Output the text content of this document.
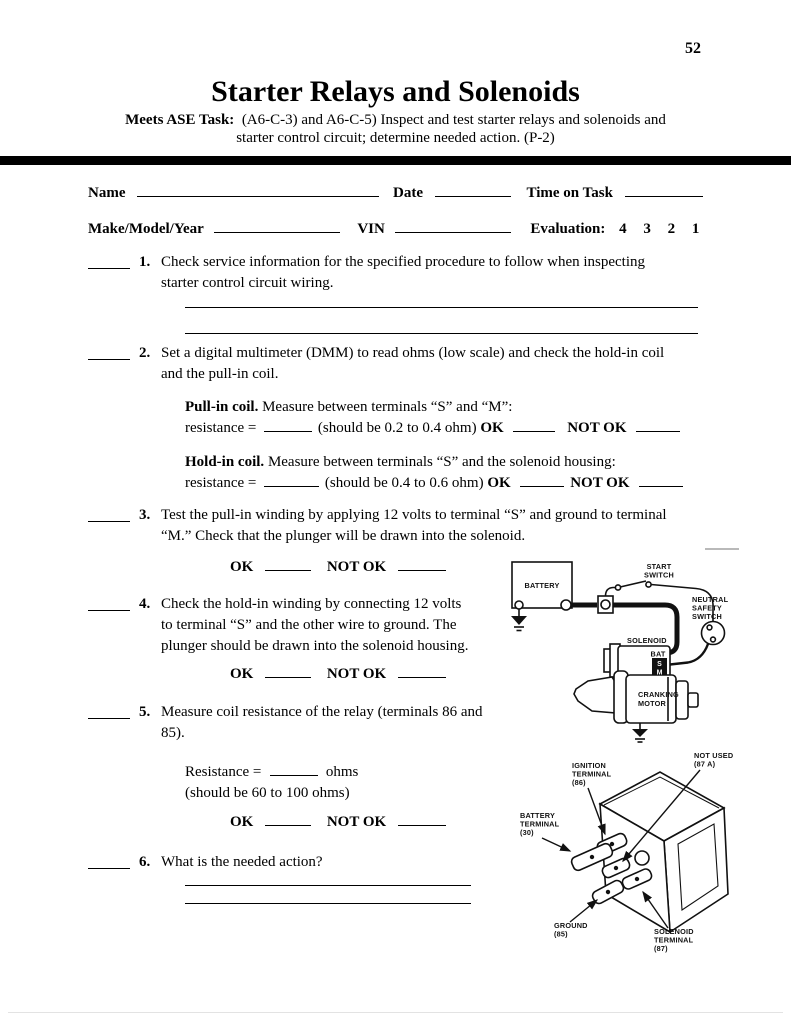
52
Starter Relays and Solenoids
Meets ASE Task: (A6-C-3) and A6-C-5) Inspect and test starter relays and solenoids and
starter control circuit; determine needed action. (P-2)
Name	Date	Time on Task
Make/Model/Year	VIN	Evaluation: 4 3 2 1
1. Check service information for the specified procedure to follow when inspecting
starter control circuit wiring.
2. Set a digital multimeter (DMM) to read ohms (low scale) and check the hold-in coil
and the pull-in coil.
Pull-in coil. Measure between terminals “S” and “M”:
resistance =	(should be 0.2 to 0.4 ohm) OK	NOT OK
Hold-in coil. Measure between terminals “S” and the solenoid housing:
resistance =	(should be 0.4 to 0.6 ohm) OK	NOT OK
3. Test the pull-in winding by applying 12 volts to terminal “S” and ground to terminal
“M.” Check that the plunger will be drawn into the solenoid.
OK	NOT OK
4. Check the hold-in winding by connecting 12 volts
to terminal “S” and the other wire to ground. The
plunger should be drawn into the solenoid housing.
OK	NOT OK
5. Measure coil resistance of the relay (terminals 86 and
85).
Resistance =	ohms
(should be 60 to 100 ohms)
OK	NOT OK
6. What is the needed action?
BATTERY
START
SWITCH
NEUTRAL
SAFETY
SWITCH
SOLENOID
BAT
S
M
CRANKING
MOTOR
IGNITION
TERMINAL
(86)
NOT USED
(87 A)
BATTERY
TERMINAL
(30)
GROUND
(85)	SOLENOID
TERMINAL
(87)
